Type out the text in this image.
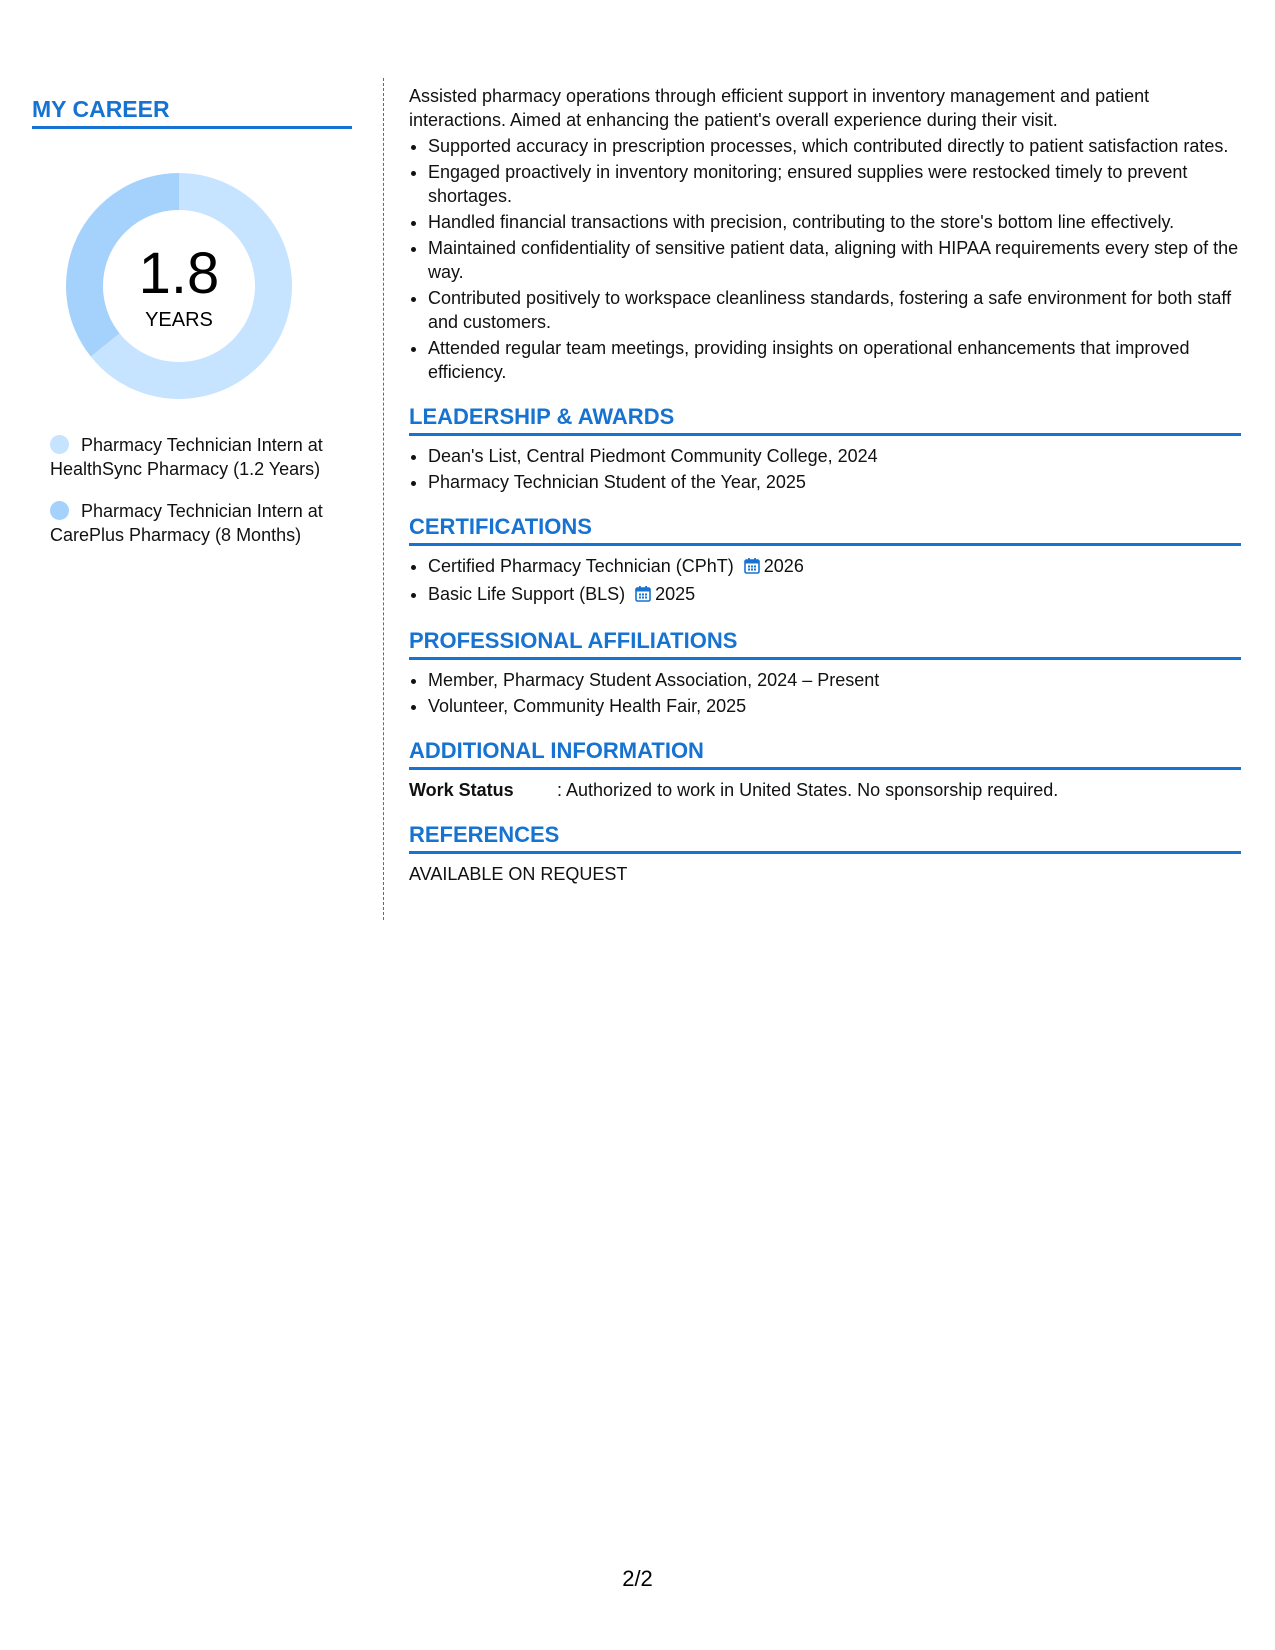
MY CAREER
1.8
YEARS
Pharmacy Technician Intern at HealthSync Pharmacy (1.2 Years)
Pharmacy Technician Intern at CarePlus Pharmacy (8 Months)

Assisted pharmacy operations through efficient support in inventory management and patient interactions. Aimed at enhancing the patient's overall experience during their visit.

• Supported accuracy in prescription processes, which contributed directly to patient satisfaction rates.
• Engaged proactively in inventory monitoring; ensured supplies were restocked timely to prevent shortages.
• Handled financial transactions with precision, contributing to the store's bottom line effectively.
• Maintained confidentiality of sensitive patient data, aligning with HIPAA requirements every step of the way.
• Contributed positively to workspace cleanliness standards, fostering a safe environment for both staff and customers.
• Attended regular team meetings, providing insights on operational enhancements that improved efficiency.
LEADERSHIP & AWARDS
• Dean's List, Central Piedmont Community College, 2024
• Pharmacy Technician Student of the Year, 2025
CERTIFICATIONS
• Certified Pharmacy Technician (CPhT) 2026
• Basic Life Support (BLS) 2025
PROFESSIONAL AFFILIATIONS
• Member, Pharmacy Student Association, 2024 – Present
• Volunteer, Community Health Fair, 2025
ADDITIONAL INFORMATION
Work Status : Authorized to work in United States. No sponsorship required.
REFERENCES
AVAILABLE ON REQUEST
2/2
